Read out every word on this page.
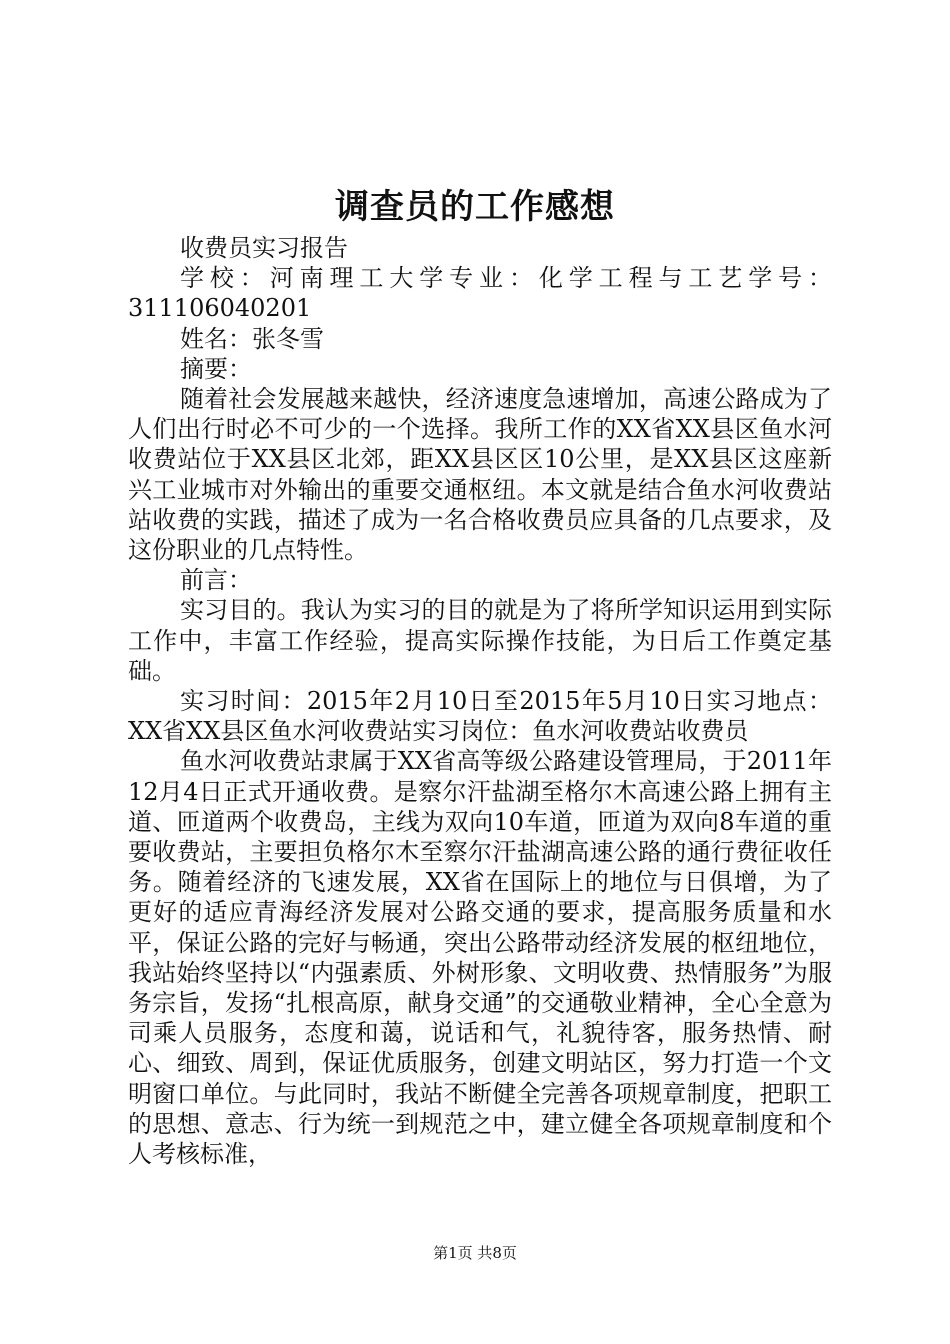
调查员的工作感想

收费员实习报告

学校：河南理工大学专业：化学工程与工艺学号：311106040201

姓名：张冬雪

摘要：

随着社会发展越来越快，经济速度急速增加，高速公路成为了人们出行时必不可少的一个选择。我所工作的XX省XX县区鱼水河收费站位于XX县区北郊，距XX县区区10公里，是XX县区这座新兴工业城市对外输出的重要交通枢纽。本文就是结合鱼水河收费站站收费的实践，描述了成为一名合格收费员应具备的几点要求，及这份职业的几点特性。

前言：

实习目的。我认为实习的目的就是为了将所学知识运用到实际工作中，丰富工作经验，提高实际操作技能，为日后工作奠定基础。

实习时间：2015年2月10日至2015年5月10日实习地点：XX省XX县区鱼水河收费站实习岗位：鱼水河收费站收费员

鱼水河收费站隶属于XX省高等级公路建设管理局，于2011年12月4日正式开通收费。是察尔汗盐湖至格尔木高速公路上拥有主道、匝道两个收费岛，主线为双向10车道，匝道为双向8车道的重要收费站，主要担负格尔木至察尔汗盐湖高速公路的通行费征收任务。随着经济的飞速发展，XX省在国际上的地位与日俱增，为了更好的适应青海经济发展对公路交通的要求，提高服务质量和水平，保证公路的完好与畅通，突出公路带动经济发展的枢纽地位，我站始终坚持以“内强素质、外树形象、文明收费、热情服务”为服务宗旨，发扬“扎根高原，献身交通”的交通敬业精神，全心全意为司乘人员服务，态度和蔼，说话和气，礼貌待客，服务热情、耐心、细致、周到，保证优质服务，创建文明站区，努力打造一个文明窗口单位。与此同时，我站不断健全完善各项规章制度，把职工的思想、意志、行为统一到规范之中，建立健全各项规章制度和个人考核标准，

第1页 共8页
